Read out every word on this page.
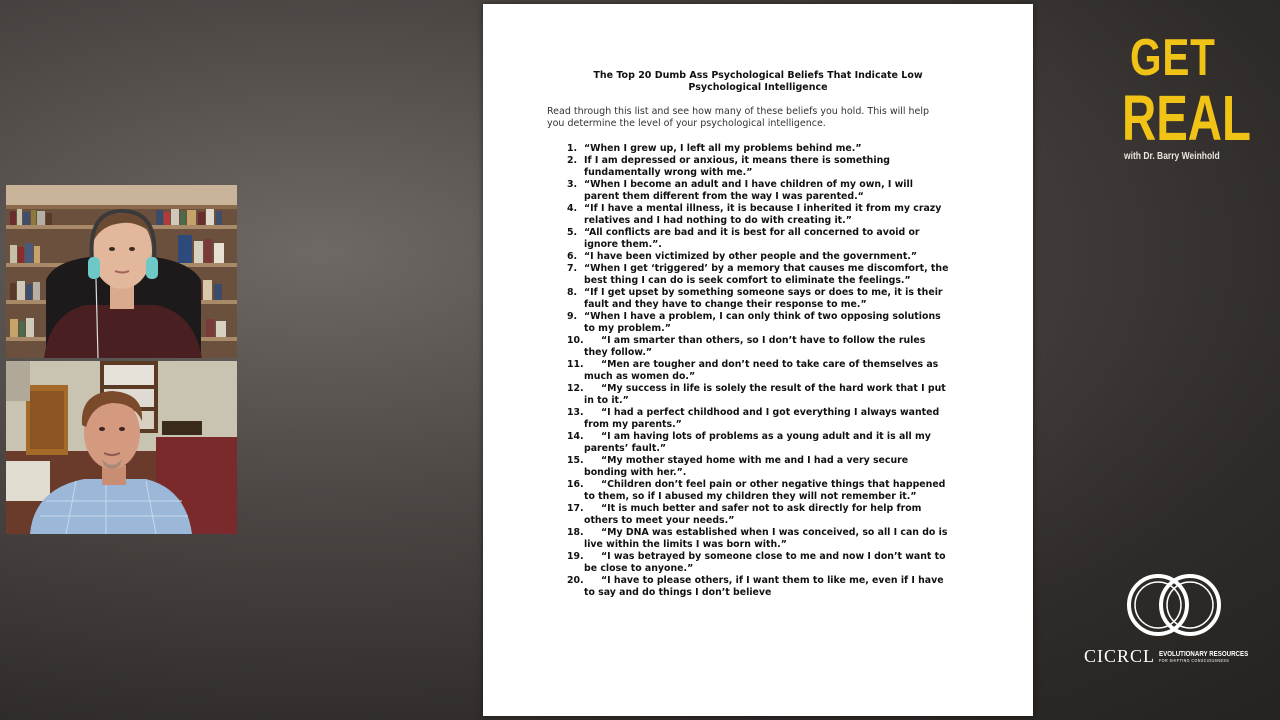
The Top 20 Dumb Ass Psychological Beliefs That Indicate Low
Psychological Intelligence
Read through this list and see how many of these beliefs you hold. This will help
you determine the level of your psychological intelligence.
1. “When I grew up, I left all my problems behind me.”
2. If I am depressed or anxious, it means there is something
fundamentally wrong with me.”
3. “When I become an adult and I have children of my own, I will
parent them different from the way I was parented.“
4. “If I have a mental illness, it is because I inherited it from my crazy
relatives and I had nothing to do with creating it.”
5. “All conflicts are bad and it is best for all concerned to avoid or
ignore them.”.
6. “I have been victimized by other people and the government.”
7. “When I get ‘triggered’ by a memory that causes me discomfort, the
best thing I can do is seek comfort to eliminate the feelings.”
8. “If I get upset by something someone says or does to me, it is their
fault and they have to change their response to me.”
9. “When I have a problem, I can only think of two opposing solutions
to my problem.”
10.	“I am smarter than others, so I don’t have to follow the rules
they follow.”
11.	“Men are tougher and don’t need to take care of themselves as
much as women do.”
12.	“My success in life is solely the result of the hard work that I put
in to it.”
13.	“I had a perfect childhood and I got everything I always wanted
from my parents.”
14.	“I am having lots of problems as a young adult and it is all my
parents’ fault.”
15.	“My mother stayed home with me and I had a very secure
bonding with her.”.
16.	“Children don’t feel pain or other negative things that happened
to them, so if I abused my children they will not remember it.”
17.	“It is much better and safer not to ask directly for help from
others to meet your needs.”
18.	“My DNA was established when I was conceived, so all I can do is
live within the limits I was born with.”
19.	“I was betrayed by someone close to me and now I don’t want to
be close to anyone.”
20.	“I have to please others, if I want them to like me, even if I have
to say and do things I don’t believe
GET
REAL
with Dr. Barry Weinhold
CICRCL EVOLUTIONARY RESOURCES
FOR SHIFTING CONSCIOUSNESS
